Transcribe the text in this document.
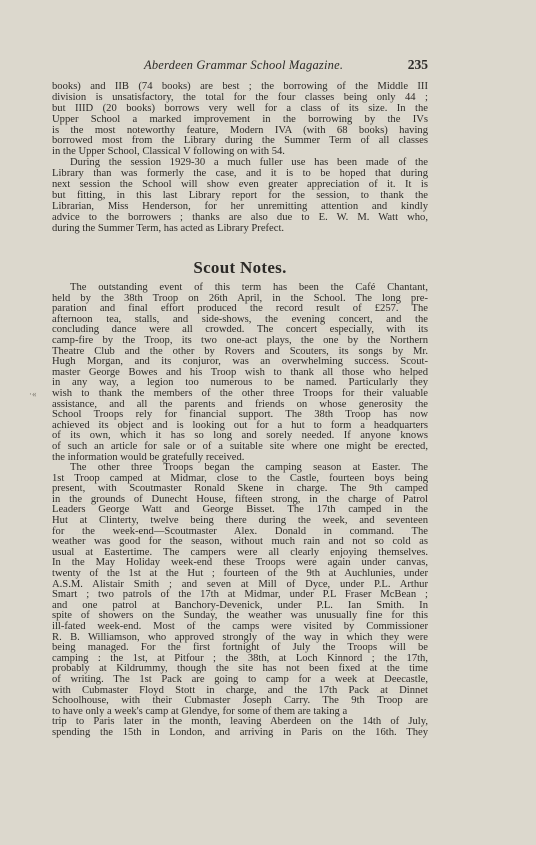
Aberdeen Grammar School Magazine.	235
books) and IIB (74 books) are best ; the borrowing of the Middle III
division is unsatisfactory, the total for the four classes being only 44 ;
but IIID (20 books) borrows very well for a class of its size. In the
Upper School a marked improvement in the borrowing by the IVs
is the most noteworthy feature, Modern IVA (with 68 books) having
borrowed most from the Library during the Summer Term of all classes
in the Upper School, Classical V following on with 54.
During the session 1929-30 a much fuller use has been made of the
Library than was formerly the case, and it is to be hoped that during
next session the School will show even greater appreciation of it. It is
but fitting, in this last Library report for the session, to thank the
Librarian, Miss Henderson, for her unremitting attention and kindly
advice to the borrowers ; thanks are also due to E. W. M. Watt who,
during the Summer Term, has acted as Library Prefect.
Scout Notes.
The outstanding event of this term has been the Café Chantant,
held by the 38th Troop on 26th April, in the School. The long pre-
paration and final effort produced the record result of £257. The
afternoon tea, stalls, and side-shows, the evening concert, and the
concluding dance were all crowded. The concert especially, with its
camp-fire by the Troop, its two one-act plays, the one by the Northern
Theatre Club and the other by Rovers and Scouters, its songs by Mr.
Hugh Morgan, and its conjuror, was an overwhelming success. Scout-
master George Bowes and his Troop wish to thank all those who helped
in any way, a legion too numerous to be named. Particularly they
wish to thank the members of the other three Troops for their valuable
assistance, and all the parents and friends on whose generosity the
School Troops rely for financial support. The 38th Troop has now
achieved its object and is looking out for a hut to form a headquarters
of its own, which it has so long and sorely needed. If anyone knows
of such an article for sale or of a suitable site where one might be erected,
the information would be gratefully received.
The other three Troops began the camping season at Easter. The
1st Troop camped at Midmar, close to the Castle, fourteen boys being
present, with Scoutmaster Ronald Skene in charge. The 9th camped
in the grounds of Dunecht House, fifteen strong, in the charge of Patrol
Leaders George Watt and George Bisset. The 17th camped in the
Hut at Clinterty, twelve being there during the week, and seventeen
for the week-end—Scoutmaster Alex. Donald in command. The
weather was good for the season, without much rain and not so cold as
usual at Eastertime. The campers were all clearly enjoying themselves.
In the May Holiday week-end these Troops were again under canvas,
twenty of the 1st at the Hut ; fourteen of the 9th at Auchlunies, under
A.S.M. Alistair Smith ; and seven at Mill of Dyce, under P.L. Arthur
Smart ; two patrols of the 17th at Midmar, under P.L Fraser McBean ;
and one patrol at Banchory-Devenick, under P.L. Ian Smith. In
spite of showers on the Sunday, the weather was unusually fine for this
ill-fated week-end. Most of the camps were visited by Commissioner
R. B. Williamson, who approved strongly of the way in which they were
being managed. For the first fortnight of July the Troops will be
camping : the 1st, at Pitfour ; the 38th, at Loch Kinnord ; the 17th,
probably at Kildrummy, though the site has not been fixed at the time
of writing. The 1st Pack are going to camp for a week at Deecastle,
with Cubmaster Floyd Stott in charge, and the 17th Pack at Dinnet
Schoolhouse, with their Cubmaster Joseph Carry. The 9th Troop are
to have only a week's camp at Glendye, for some of them are taking a
trip to Paris later in the month, leaving Aberdeen on the 14th of July,
spending the 15th in London, and arriving in Paris on the 16th. They
·«
